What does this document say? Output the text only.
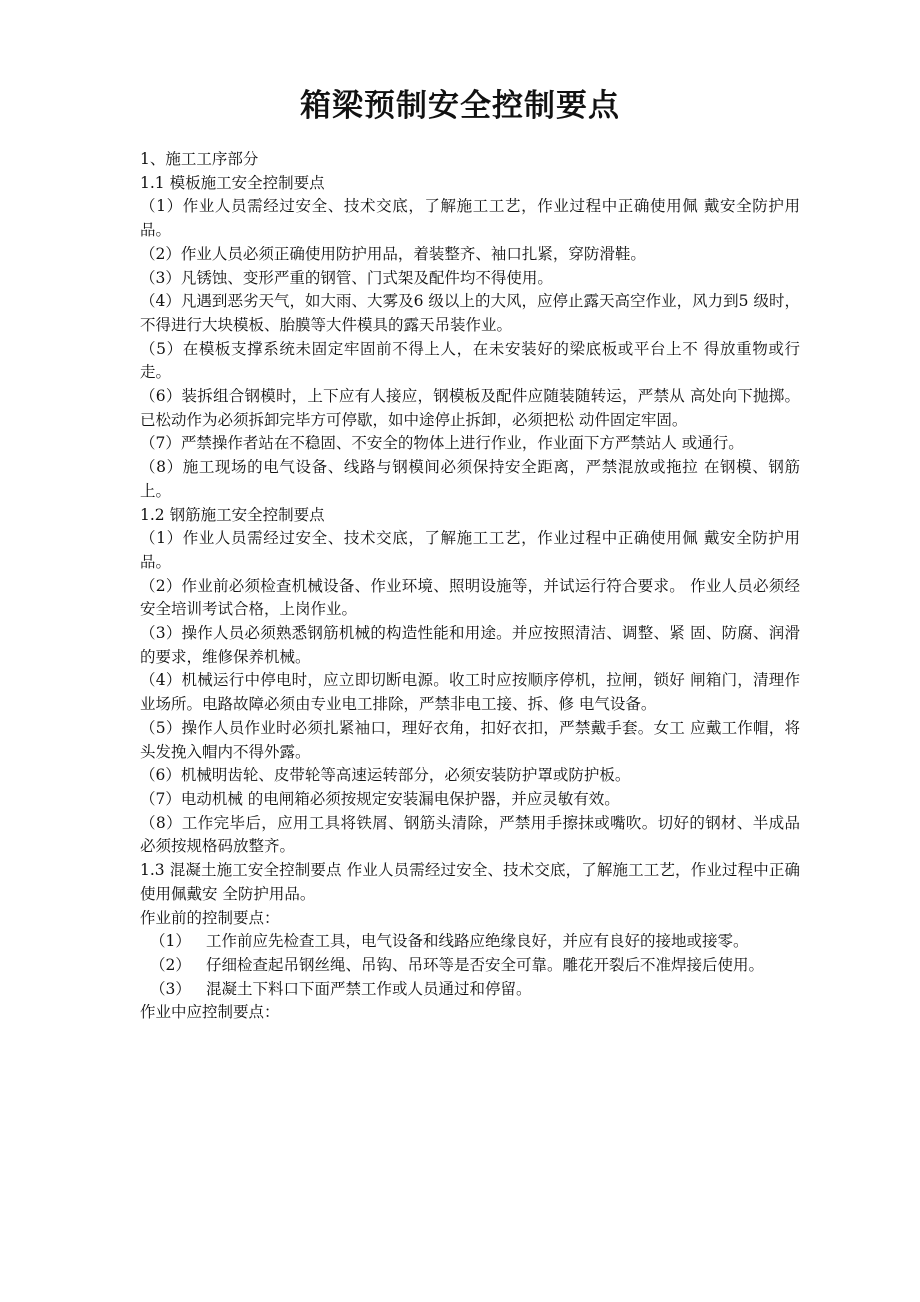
箱梁预制安全控制要点

1、施工工序部分

1.1 模板施工安全控制要点

（1）作业人员需经过安全、技术交底，了解施工工艺，作业过程中正确使用佩 戴安全防护用品。

（2）作业人员必须正确使用防护用品，着装整齐、袖口扎紧，穿防滑鞋。

（3）凡锈蚀、变形严重的钢管、门式架及配件均不得使用。

（4）凡遇到恶劣天气，如大雨、大雾及6 级以上的大风，应停止露天高空作业，风力到5 级时，不得进行大块模板、胎膜等大件模具的露天吊装作业。

（5）在模板支撑系统未固定牢固前不得上人，在未安装好的梁底板或平台上不 得放重物或行走。

（6）装拆组合钢模时，上下应有人接应，钢模板及配件应随装随转运，严禁从 高处向下抛掷。已松动作为必须拆卸完毕方可停歇，如中途停止拆卸，必须把松 动件固定牢固。

（7）严禁操作者站在不稳固、不安全的物体上进行作业，作业面下方严禁站人 或通行。

（8）施工现场的电气设备、线路与钢模间必须保持安全距离，严禁混放或拖拉 在钢模、钢筋上。

1.2 钢筋施工安全控制要点

（1）作业人员需经过安全、技术交底，了解施工工艺，作业过程中正确使用佩 戴安全防护用品。

（2）作业前必须检查机械设备、作业环境、照明设施等，并试运行符合要求。 作业人员必须经安全培训考试合格，上岗作业。

（3）操作人员必须熟悉钢筋机械的构造性能和用途。并应按照清洁、调整、紧 固、防腐、润滑的要求，维修保养机械。

（4）机械运行中停电时，应立即切断电源。收工时应按顺序停机，拉闸，锁好 闸箱门，清理作业场所。电路故障必须由专业电工排除，严禁非电工接、拆、修 电气设备。

（5）操作人员作业时必须扎紧袖口，理好衣角，扣好衣扣，严禁戴手套。女工 应戴工作帽，将头发挽入帽内不得外露。

（6）机械明齿轮、皮带轮等高速运转部分，必须安装防护罩或防护板。

（7）电动机械 的电闸箱必须按规定安装漏电保护器，并应灵敏有效。

（8）工作完毕后，应用工具将铁屑、钢筋头清除，严禁用手擦抹或嘴吹。切好的钢材、半成品必须按规格码放整齐。

1.3 混凝土施工安全控制要点 作业人员需经过安全、技术交底，了解施工工艺，作业过程中正确使用佩戴安 全防护用品。

作业前的控制要点：

（1） 工作前应先检查工具，电气设备和线路应绝缘良好，并应有良好的接地或接零。
（2） 仔细检查起吊钢丝绳、吊钩、吊环等是否安全可靠。雕花开裂后不准焊接后使用。
（3） 混凝土下料口下面严禁工作或人员通过和停留。

作业中应控制要点：
